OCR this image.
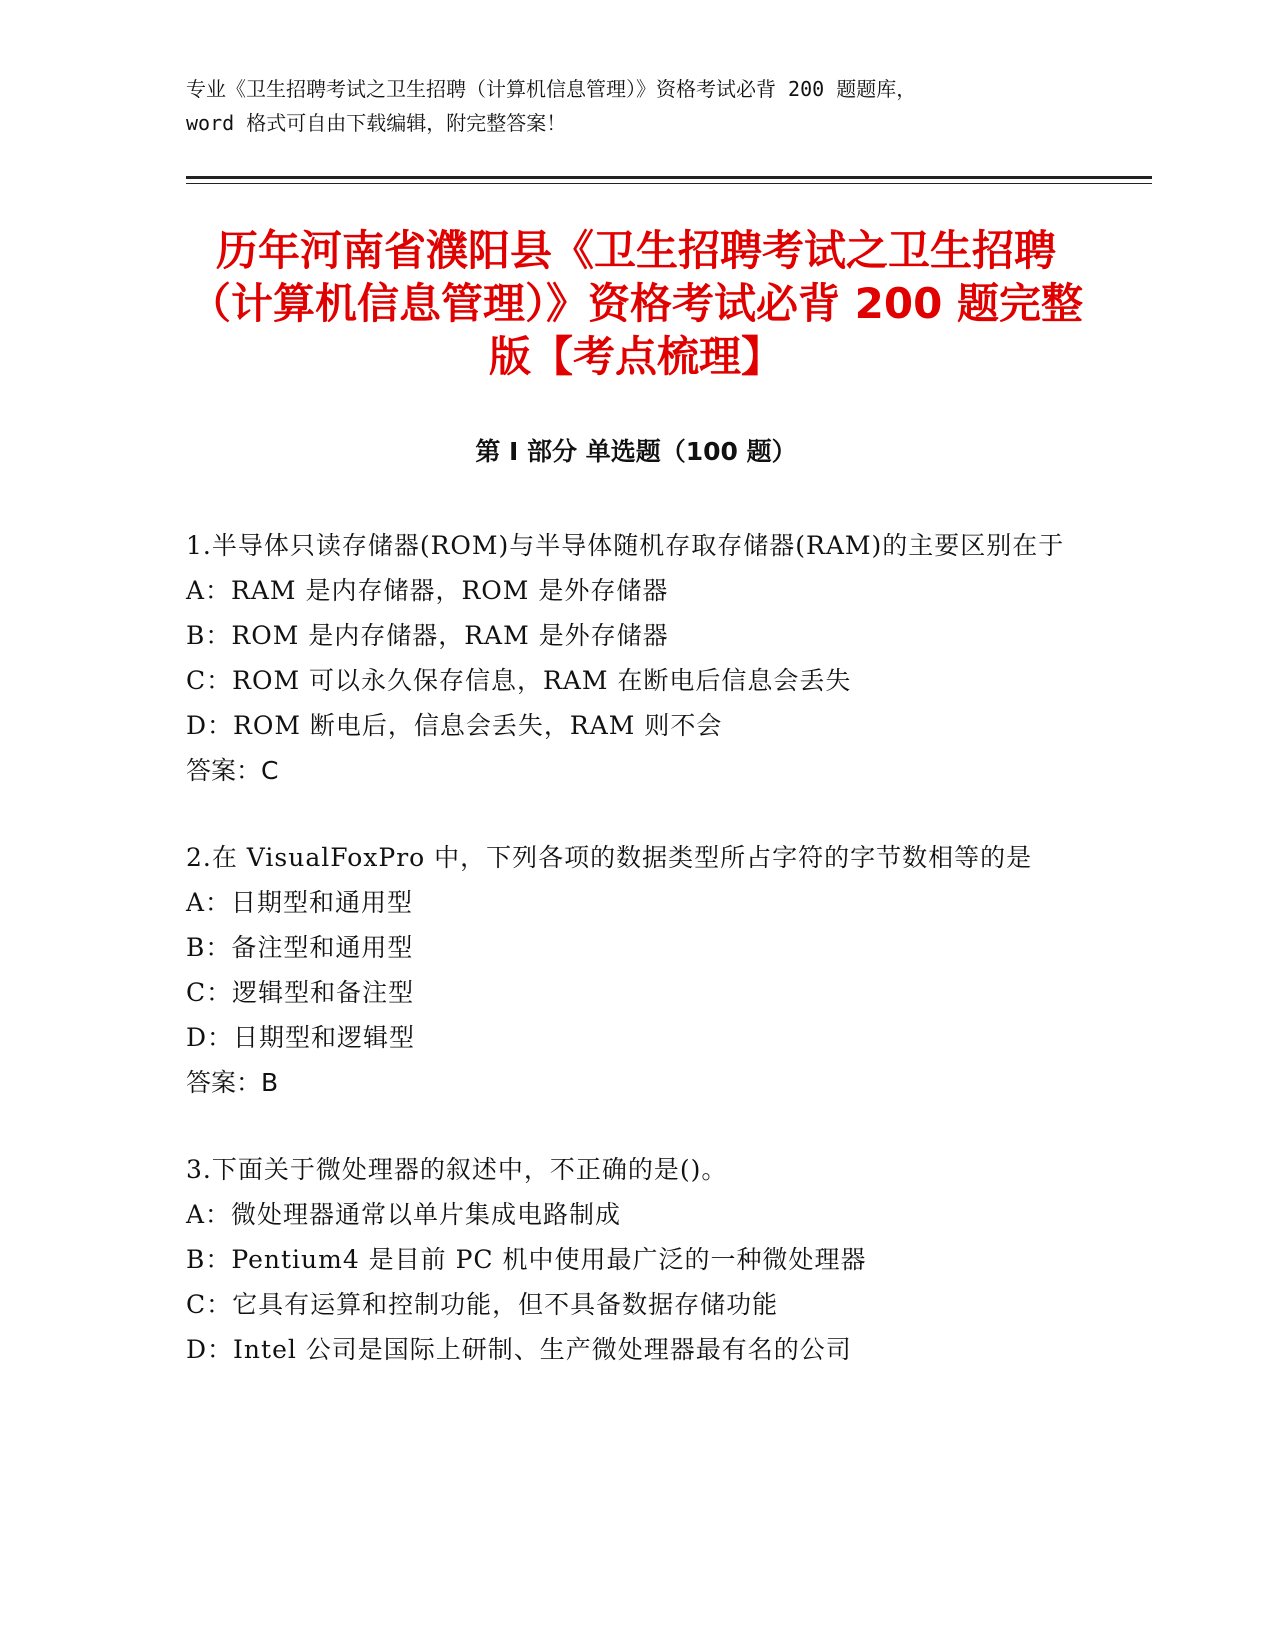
专业《卫生招聘考试之卫生招聘（计算机信息管理）》资格考试必背 200 题题库，
word 格式可自由下载编辑，附完整答案！
历年河南省濮阳县《卫生招聘考试之卫生招聘（计算机信息管理）》资格考试必背 200 题完整版【考点梳理】
第 I 部分 单选题（100 题）

1.半导体只读存储器(ROM)与半导体随机存取存储器(RAM)的主要区别在于

A：RAM 是内存储器，ROM 是外存储器

B：ROM 是内存储器，RAM 是外存储器

C：ROM 可以永久保存信息，RAM 在断电后信息会丢失

D：ROM 断电后，信息会丢失，RAM 则不会

答案：C

2.在 VisualFoxPro 中，下列各项的数据类型所占字符的字节数相等的是

A：日期型和通用型

B：备注型和通用型

C：逻辑型和备注型

D：日期型和逻辑型

答案：B

3.下面关于微处理器的叙述中，不正确的是()。

A：微处理器通常以单片集成电路制成

B：Pentium4 是目前 PC 机中使用最广泛的一种微处理器

C：它具有运算和控制功能，但不具备数据存储功能

D：Intel 公司是国际上研制、生产微处理器最有名的公司
